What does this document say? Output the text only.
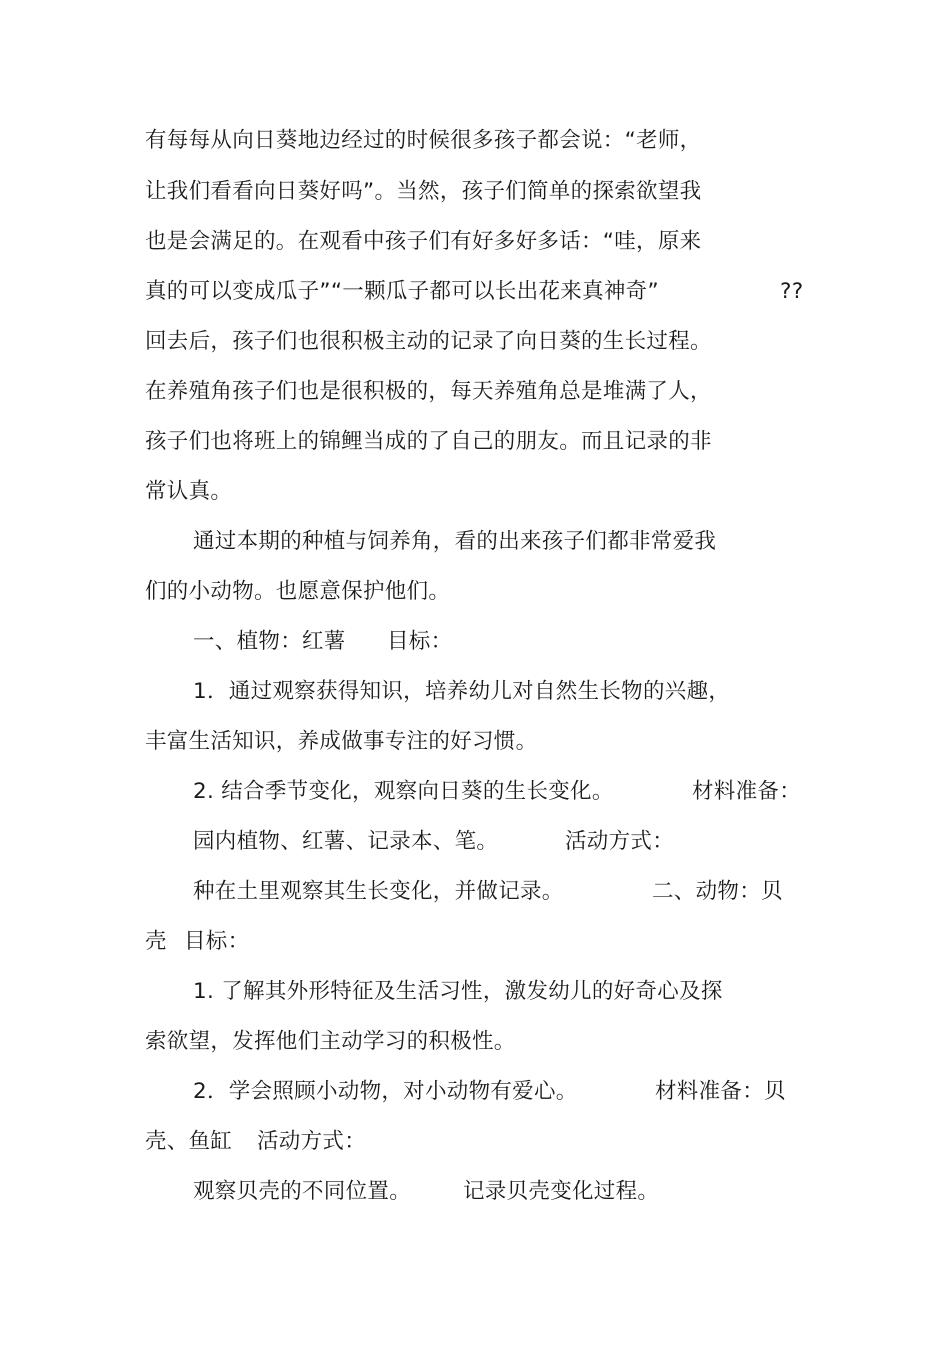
有每每从向日葵地边经过的时候很多孩子都会说：“老师，
让我们看看向日葵好吗”。当然，孩子们简单的探索欲望我
也是会满足的。在观看中孩子们有好多好多话：“哇，原来
真的可以变成瓜子”“一颗瓜子都可以长出花来真神奇”	??
回去后，孩子们也很积极主动的记录了向日葵的生长过程。
在养殖角孩子们也是很积极的，每天养殖角总是堆满了人，
孩子们也将班上的锦鲤当成的了自己的朋友。而且记录的非
常认真。
通过本期的种植与饲养角，看的出来孩子们都非常爱我
们的小动物。也愿意保护他们。
一、植物：红薯 目标：
1．通过观察获得知识，培养幼儿对自然生长物的兴趣，
丰富生活知识，养成做事专注的好习惯。
2. 结合季节变化，观察向日葵的生长变化。	材料准备：
园内植物、红薯、记录本、笔。	活动方式：
种在土里观察其生长变化，并做记录。	二、动物：贝
壳 目标：
1. 了解其外形特征及生活习性，激发幼儿的好奇心及探
索欲望，发挥他们主动学习的积极性。
2．学会照顾小动物，对小动物有爱心。	材料准备：贝
壳、鱼缸 活动方式：
观察贝壳的不同位置。 记录贝壳变化过程。
